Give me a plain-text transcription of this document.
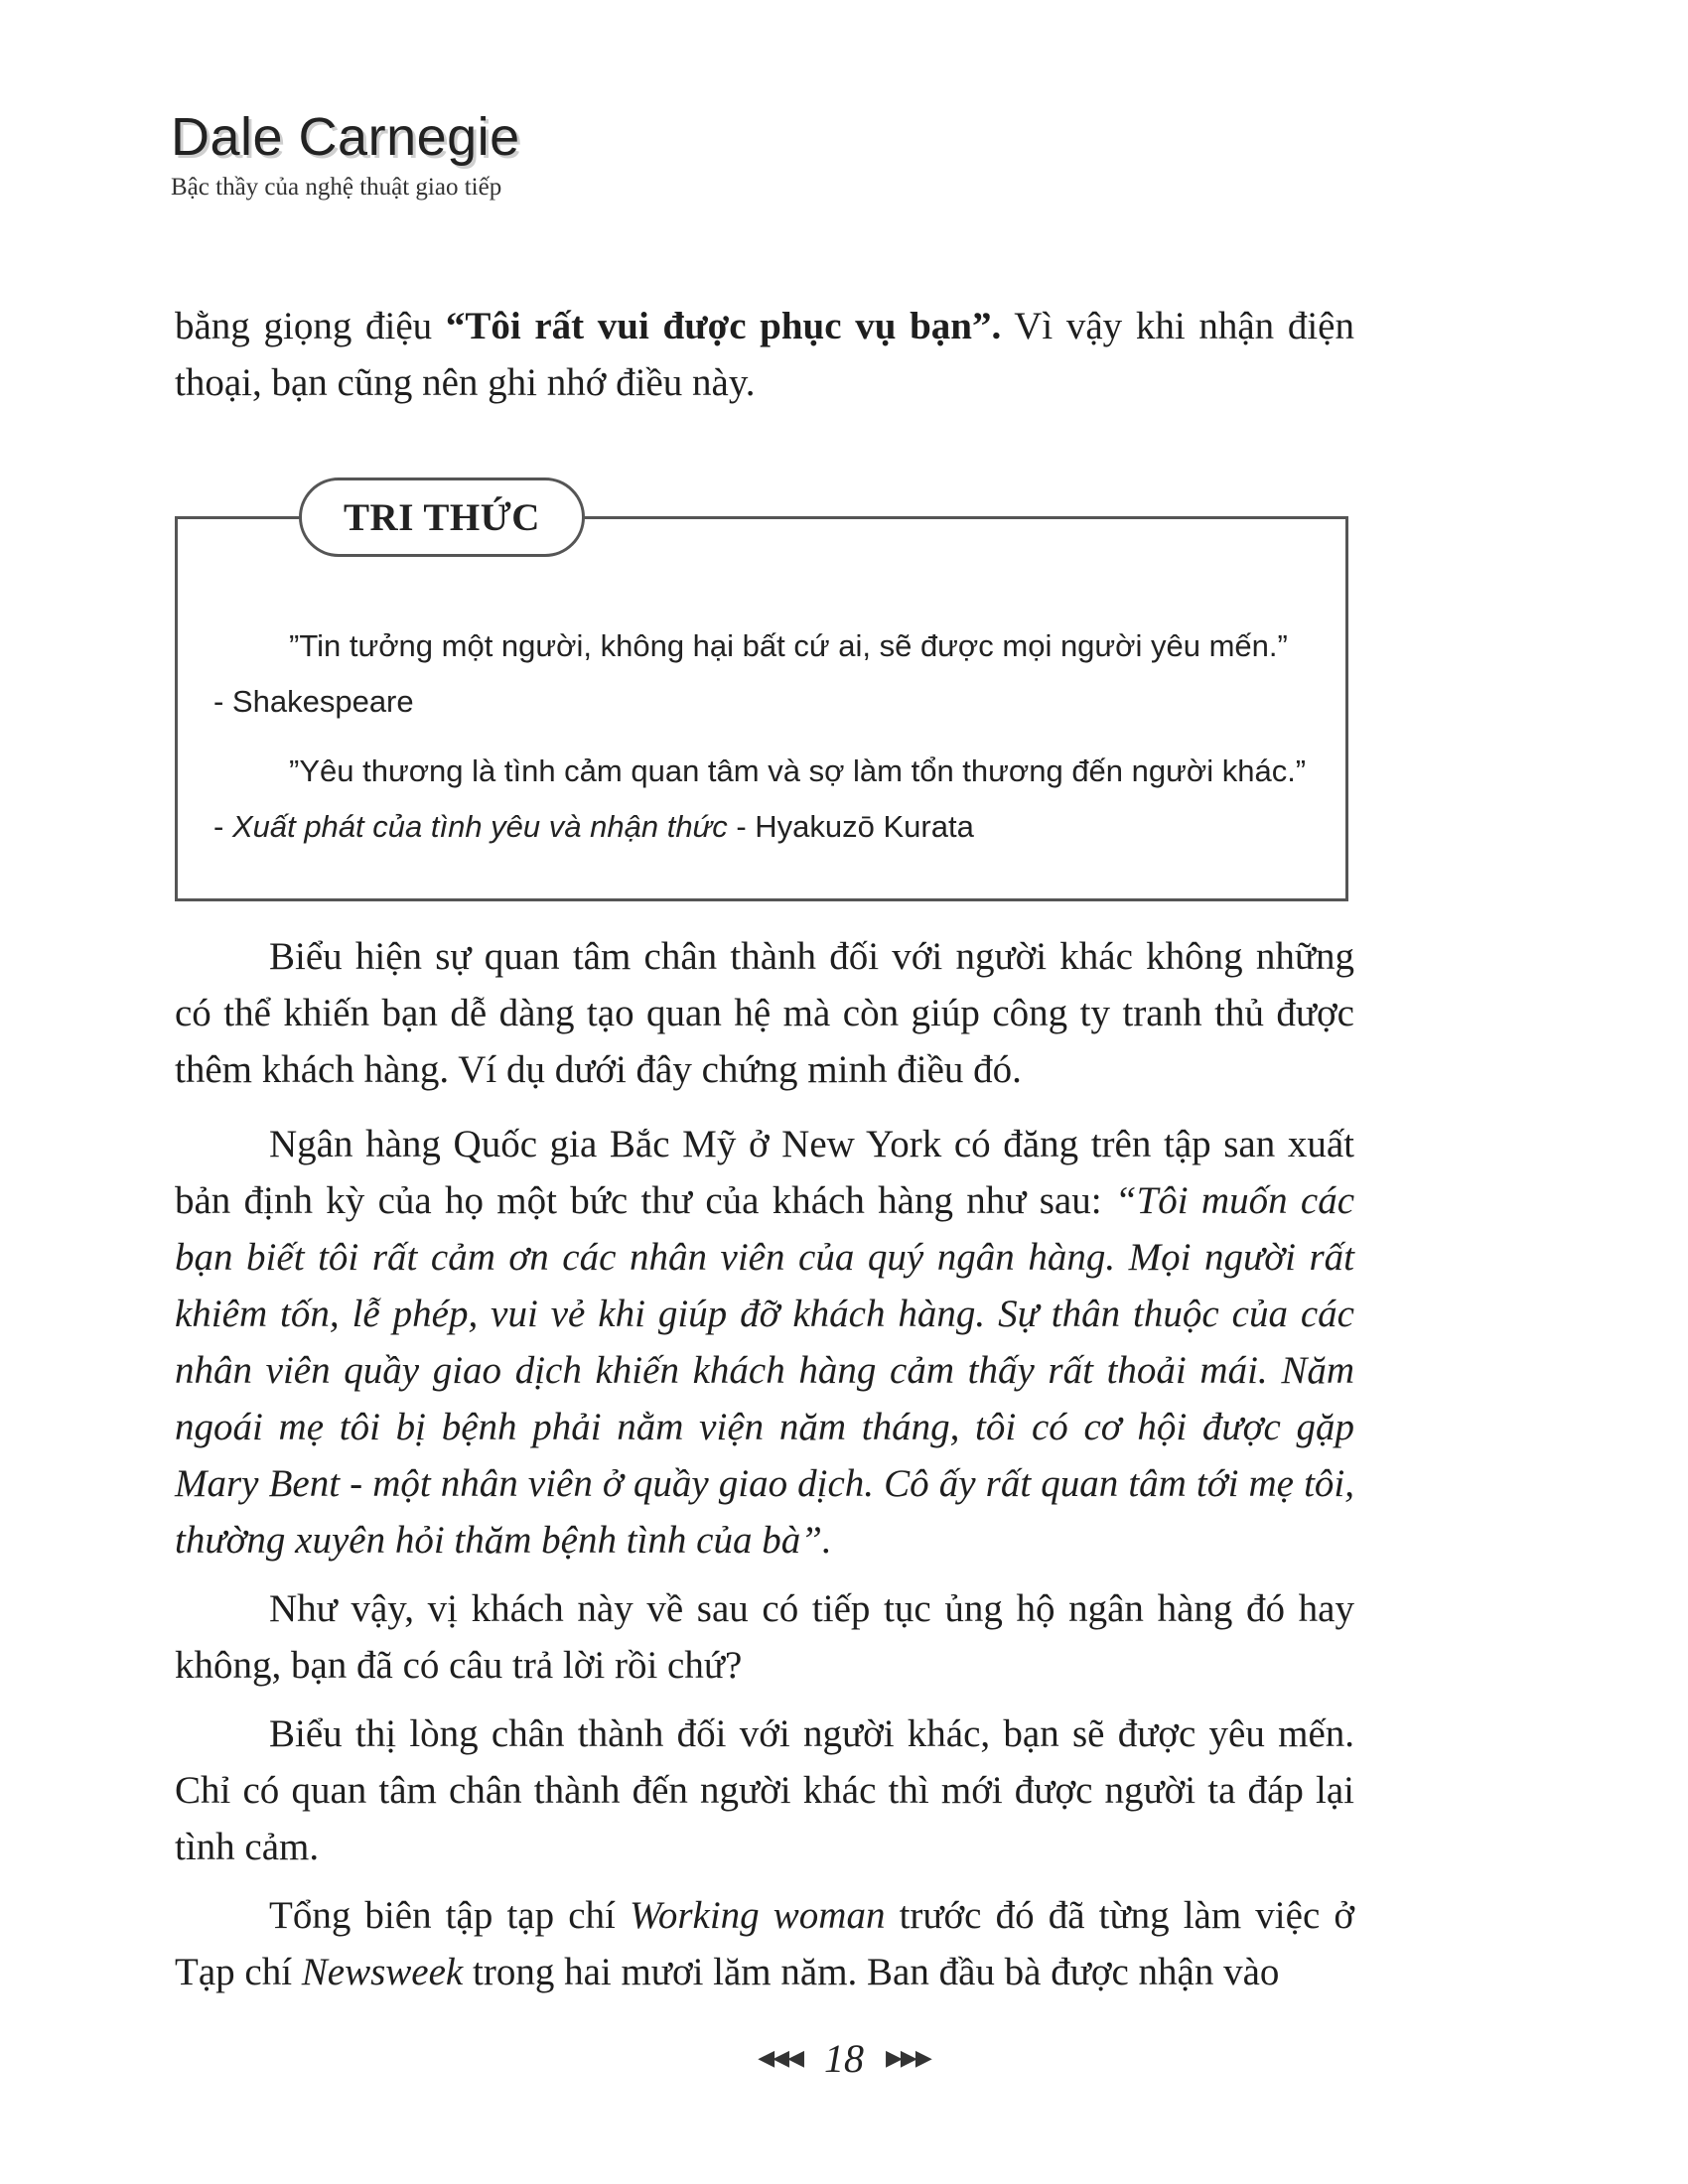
Dale Carnegie
Bậc thầy của nghệ thuật giao tiếp

bằng giọng điệu “Tôi rất vui được phục vụ bạn”. Vì vậy khi nhận điện thoại, bạn cũng nên ghi nhớ điều này.

TRI THỨC

”Tin tưởng một người, không hại bất cứ ai, sẽ được mọi người yêu mến.”

- Shakespeare

”Yêu thương là tình cảm quan tâm và sợ làm tổn thương đến người khác.”

- Xuất phát của tình yêu và nhận thức - Hyakuzō Kurata

Biểu hiện sự quan tâm chân thành đối với người khác không những có thể khiến bạn dễ dàng tạo quan hệ mà còn giúp công ty tranh thủ được thêm khách hàng. Ví dụ dưới đây chứng minh điều đó.

Ngân hàng Quốc gia Bắc Mỹ ở New York có đăng trên tập san xuất bản định kỳ của họ một bức thư của khách hàng như sau: “Tôi muốn các bạn biết tôi rất cảm ơn các nhân viên của quý ngân hàng. Mọi người rất khiêm tốn, lễ phép, vui vẻ khi giúp đỡ khách hàng. Sự thân thuộc của các nhân viên quầy giao dịch khiến khách hàng cảm thấy rất thoải mái. Năm ngoái mẹ tôi bị bệnh phải nằm viện năm tháng, tôi có cơ hội được gặp Mary Bent - một nhân viên ở quầy giao dịch. Cô ấy rất quan tâm tới mẹ tôi, thường xuyên hỏi thăm bệnh tình của bà”.

Như vậy, vị khách này về sau có tiếp tục ủng hộ ngân hàng đó hay không, bạn đã có câu trả lời rồi chứ?

Biểu thị lòng chân thành đối với người khác, bạn sẽ được yêu mến. Chỉ có quan tâm chân thành đến người khác thì mới được người ta đáp lại tình cảm.

Tổng biên tập tạp chí Working woman trước đó đã từng làm việc ở Tạp chí Newsweek trong hai mươi lăm năm. Ban đầu bà được nhận vào

◀◀◀ 18 ▶▶▶
